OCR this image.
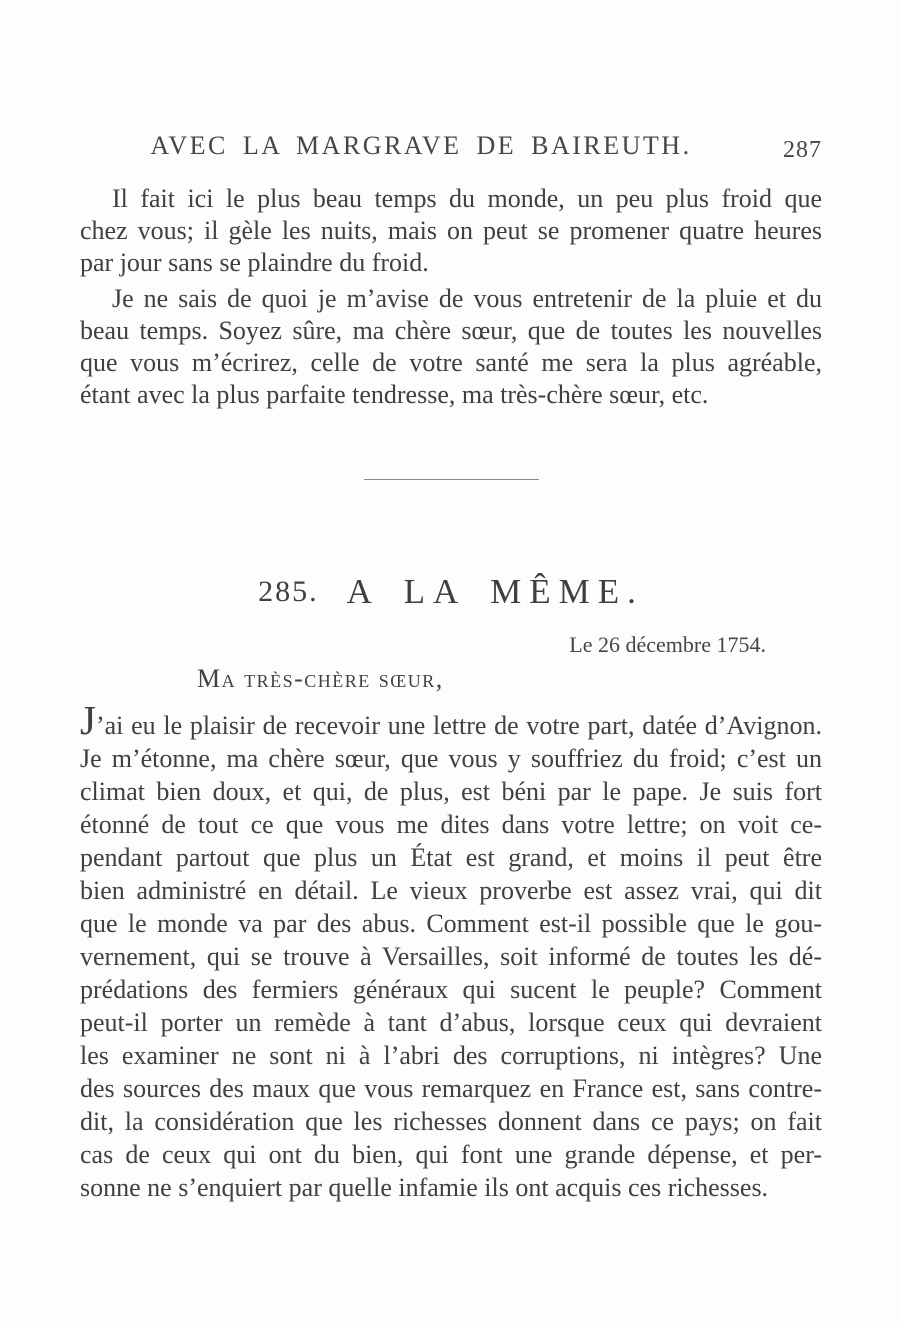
AVEC LA MARGRAVE DE BAIREUTH.	287
Il fait ici le plus beau temps du monde, un peu plus froid que
chez vous; il gèle les nuits, mais on peut se promener quatre heures
par jour sans se plaindre du froid.
Je ne sais de quoi je m’avise de vous entretenir de la pluie et du
beau temps. Soyez sûre, ma chère sœur, que de toutes les nouvelles
que vous m’écrirez, celle de votre santé me sera la plus agréable,
étant avec la plus parfaite tendresse, ma très-chère sœur, etc.
285. A LA MÊME.
Le 26 décembre 1754.
Ma très-chère sœur,
J’ai eu le plaisir de recevoir une lettre de votre part, datée d’Avignon.
Je m’étonne, ma chère sœur, que vous y souffriez du froid; c’est un
climat bien doux, et qui, de plus, est béni par le pape. Je suis fort
étonné de tout ce que vous me dites dans votre lettre; on voit ce-
pendant partout que plus un État est grand, et moins il peut être
bien administré en détail. Le vieux proverbe est assez vrai, qui dit
que le monde va par des abus. Comment est-il possible que le gou-
vernement, qui se trouve à Versailles, soit informé de toutes les dé-
prédations des fermiers généraux qui sucent le peuple? Comment
peut-il porter un remède à tant d’abus, lorsque ceux qui devraient
les examiner ne sont ni à l’abri des corruptions, ni intègres? Une
des sources des maux que vous remarquez en France est, sans contre-
dit, la considération que les richesses donnent dans ce pays; on fait
cas de ceux qui ont du bien, qui font une grande dépense, et per-
sonne ne s’enquiert par quelle infamie ils ont acquis ces richesses.
